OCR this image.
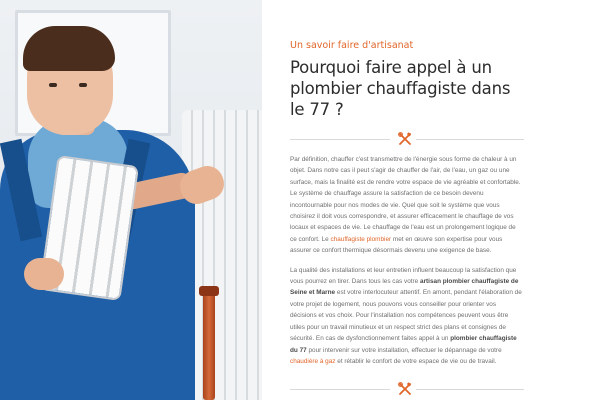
Un savoir faire d'artisanat

Pourquoi faire appel à un plombier chauffagiste dans le 77 ?

Par définition, chauffer c'est transmettre de l'énergie sous forme de chaleur à un objet. Dans notre cas il peut s'agir de chauffer de l'air, de l'eau, un gaz ou une surface, mais la finalité est de rendre votre espace de vie agréable et confortable. Le système de chauffage assure la satisfaction de ce besoin devenu incontournable pour nos modes de vie. Quel que soit le système que vous choisirez il doit vous correspondre, et assurer efficacement le chauffage de vos locaux et espaces de vie. Le chauffage de l'eau est un prolongement logique de ce confort. Le chauffagiste plombier met en œuvre son expertise pour vous assurer ce confort thermique désormais devenu une exigence de base.

La qualité des installations et leur entretien influent beaucoup la satisfaction que vous pourrez en tirer. Dans tous les cas votre artisan plombier chauffagiste de Seine et Marne est votre interlocuteur attentif. En amont, pendant l'élaboration de votre projet de logement, nous pouvons vous conseiller pour orienter vos décisions et vos choix. Pour l'installation nos compétences peuvent vous être utiles pour un travail minutieux et un respect strict des plans et consignes de sécurité. En cas de dysfonctionnement faites appel à un plombier chauffagiste du 77 pour intervenir sur votre installation, effectuer le dépannage de votre chaudière à gaz et rétablir le confort de votre espace de vie ou de travail.
